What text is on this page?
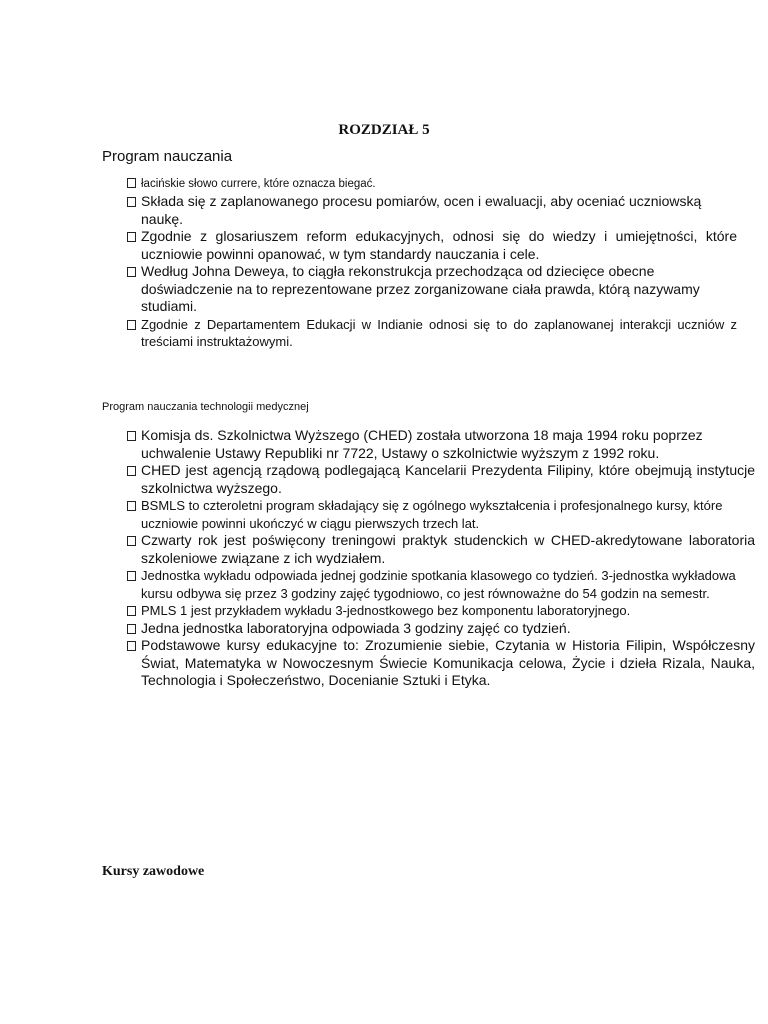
ROZDZIAŁ 5
Program nauczania
łacińskie słowo currere, które oznacza biegać.
Składa się z zaplanowanego procesu pomiarów, ocen i ewaluacji, aby oceniać uczniowską naukę.
Zgodnie z glosariuszem reform edukacyjnych, odnosi się do wiedzy i umiejętności, które uczniowie powinni opanować, w tym standardy nauczania i cele.
Według Johna Deweya, to ciągła rekonstrukcja przechodząca od dziecięce obecne doświadczenie na to reprezentowane przez zorganizowane ciała prawda, którą nazywamy studiami.
Zgodnie z Departamentem Edukacji w Indianie odnosi się to do zaplanowanej interakcji uczniów z treściami instruktażowymi.
Program nauczania technologii medycznej
Komisja ds. Szkolnictwa Wyższego (CHED) została utworzona 18 maja 1994 roku poprzez uchwalenie Ustawy Republiki nr 7722, Ustawy o szkolnictwie wyższym z 1992 roku.
CHED jest agencją rządową podlegającą Kancelarii Prezydenta Filipiny, które obejmują instytucje szkolnictwa wyższego.
BSMLS to czteroletni program składający się z ogólnego wykształcenia i profesjonalnego kursy, które uczniowie powinni ukończyć w ciągu pierwszych trzech lat.
Czwarty rok jest poświęcony treningowi praktyk studenckich w CHED-akredytowane laboratoria szkoleniowe związane z ich wydziałem.
Jednostka wykładu odpowiada jednej godzinie spotkania klasowego co tydzień. 3-jednostka wykładowa kursu odbywa się przez 3 godziny zajęć tygodniowo, co jest równoważne do 54 godzin na semestr.
PMLS 1 jest przykładem wykładu 3-jednostkowego bez komponentu laboratoryjnego.
Jedna jednostka laboratoryjna odpowiada 3 godziny zajęć co tydzień.
Podstawowe kursy edukacyjne to: Zrozumienie siebie, Czytania w Historia Filipin, Współczesny Świat, Matematyka w Nowoczesnym Świecie Komunikacja celowa, Życie i dzieła Rizala, Nauka, Technologia i Społeczeństwo, Docenianie Sztuki i Etyka.
Kursy zawodowe
